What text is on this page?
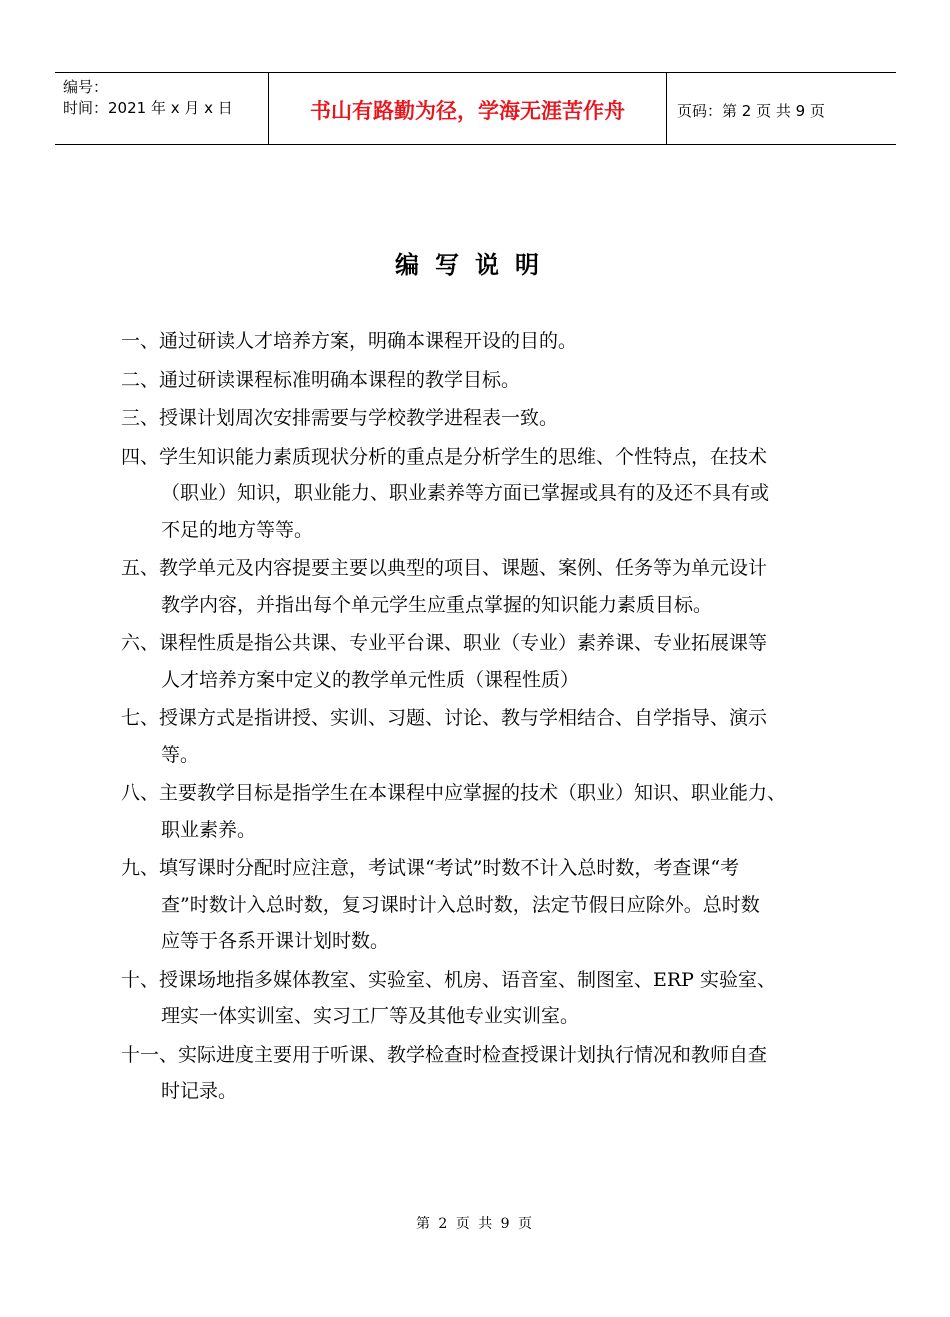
编号：
时间：2021 年 x 月 x 日	书山有路勤为径，学海无涯苦作舟	页码：第 2 页 共 9 页
编写说明
一、通过研读人才培养方案，明确本课程开设的目的。
二、通过研读课程标准明确本课程的教学目标。
三、授课计划周次安排需要与学校教学进程表一致。
四、学生知识能力素质现状分析的重点是分析学生的思维、个性特点，在技术
（职业）知识，职业能力、职业素养等方面已掌握或具有的及还不具有或
不足的地方等等。
五、教学单元及内容提要主要以典型的项目、课题、案例、任务等为单元设计
教学内容，并指出每个单元学生应重点掌握的知识能力素质目标。
六、课程性质是指公共课、专业平台课、职业（专业）素养课、专业拓展课等
人才培养方案中定义的教学单元性质（课程性质）
七、授课方式是指讲授、实训、习题、讨论、教与学相结合、自学指导、演示
等。
八、主要教学目标是指学生在本课程中应掌握的技术（职业）知识、职业能力、
职业素养。
九、填写课时分配时应注意，考试课“考试”时数不计入总时数，考查课“考
查”时数计入总时数，复习课时计入总时数，法定节假日应除外。总时数
应等于各系开课计划时数。
十、授课场地指多媒体教室、实验室、机房、语音室、制图室、ERP 实验室、
理实一体实训室、实习工厂等及其他专业实训室。
十一、实际进度主要用于听课、教学检查时检查授课计划执行情况和教师自查
时记录。
第 2 页 共 9 页
